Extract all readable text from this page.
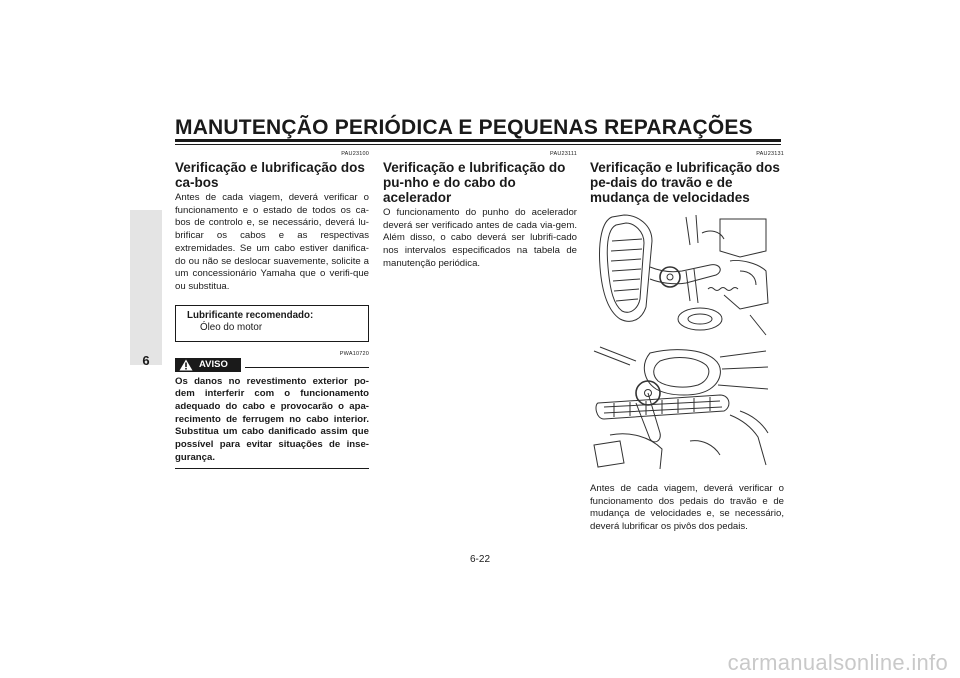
MANUTENÇÃO PERIÓDICA E PEQUENAS REPARAÇÕES
6
PAU23100
Verificação e lubrificação dos ca-bos
Antes de cada viagem, deverá verificar o funcionamento e o estado de todos os ca-bos de controlo e, se necessário, deverá lu-brificar os cabos e as respectivas extremidades. Se um cabo estiver danifica-do ou não se deslocar suavemente, solicite a um concessionário Yamaha que o verifi-que ou substitua.
Lubrificante recomendado:
Óleo do motor
PWA10720
AVISO
Os danos no revestimento exterior po-dem interferir com o funcionamento adequado do cabo e provocarão o apa-recimento de ferrugem no cabo interior. Substitua um cabo danificado assim que possível para evitar situações de inse-gurança.
PAU23111
Verificação e lubrificação do pu-nho e do cabo do acelerador
O funcionamento do punho do acelerador deverá ser verificado antes de cada via-gem. Além disso, o cabo deverá ser lubrifi-cado nos intervalos especificados na tabela de manutenção periódica.
PAU23131
Verificação e lubrificação dos pe-dais do travão e de mudança de velocidades
Antes de cada viagem, deverá verificar o funcionamento dos pedais do travão e de mudança de velocidades e, se necessário, deverá lubrificar os pivôs dos pedais.
6-22
carmanualsonline.info
